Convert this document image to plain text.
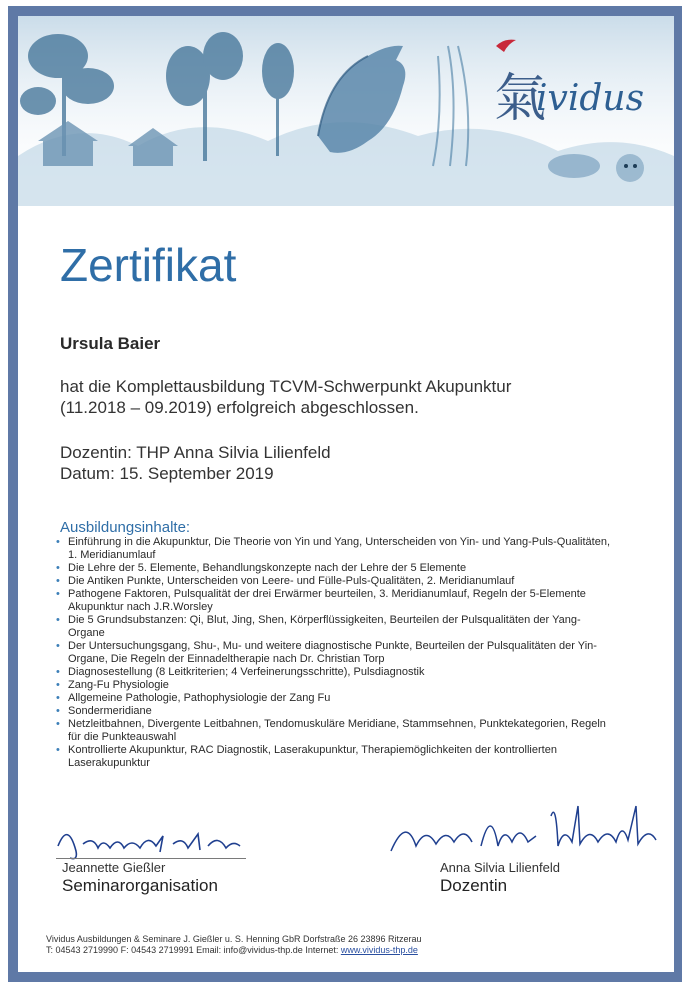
氣
ividus
Zertifikat
Ursula Baier
hat die Komplettausbildung TCVM-Schwerpunkt Akupunktur
(11.2018 – 09.2019) erfolgreich abgeschlossen.
Dozentin: THP Anna Silvia Lilienfeld
Datum: 15. September 2019
Ausbildungsinhalte:
• Einführung in die Akupunktur, Die Theorie von Yin und Yang, Unterscheiden von Yin- und Yang-Puls-Qualitäten, 1. Meridianumlauf
• Die Lehre der 5. Elemente, Behandlungskonzepte nach der Lehre der 5 Elemente
• Die Antiken Punkte, Unterscheiden von Leere- und Fülle-Puls-Qualitäten, 2. Meridianumlauf
• Pathogene Faktoren, Pulsqualität der drei Erwärmer beurteilen, 3. Meridianumlauf, Regeln der 5-Elemente Akupunktur nach J.R.Worsley
• Die 5 Grundsubstanzen: Qi, Blut, Jing, Shen, Körperflüssigkeiten, Beurteilen der Pulsqualitäten der Yang-Organe
• Der Untersuchungsgang, Shu-, Mu- und weitere diagnostische Punkte, Beurteilen der Pulsqualitäten der Yin-Organe, Die Regeln der Einnadeltherapie nach Dr. Christian Torp
• Diagnosestellung (8 Leitkriterien; 4 Verfeinerungsschritte), Pulsdiagnostik
• Zang-Fu Physiologie
• Allgemeine Pathologie, Pathophysiologie der Zang Fu
• Sondermeridiane
• Netzleitbahnen, Divergente Leitbahnen, Tendomuskuläre Meridiane, Stammsehnen, Punktekategorien, Regeln für die Punkteauswahl
• Kontrollierte Akupunktur, RAC Diagnostik, Laserakupunktur, Therapiemöglichkeiten der kontrollierten Laserakupunktur
Jeannette Gießler
Seminarorganisation
Anna Silvia Lilienfeld
Dozentin
Vividus Ausbildungen & Seminare J. Gießler u. S. Henning GbR Dorfstraße 26 23896 Ritzerau
T: 04543 2719990 F: 04543 2719991 Email: info@vividus-thp.de Internet: www.vividus-thp.de
